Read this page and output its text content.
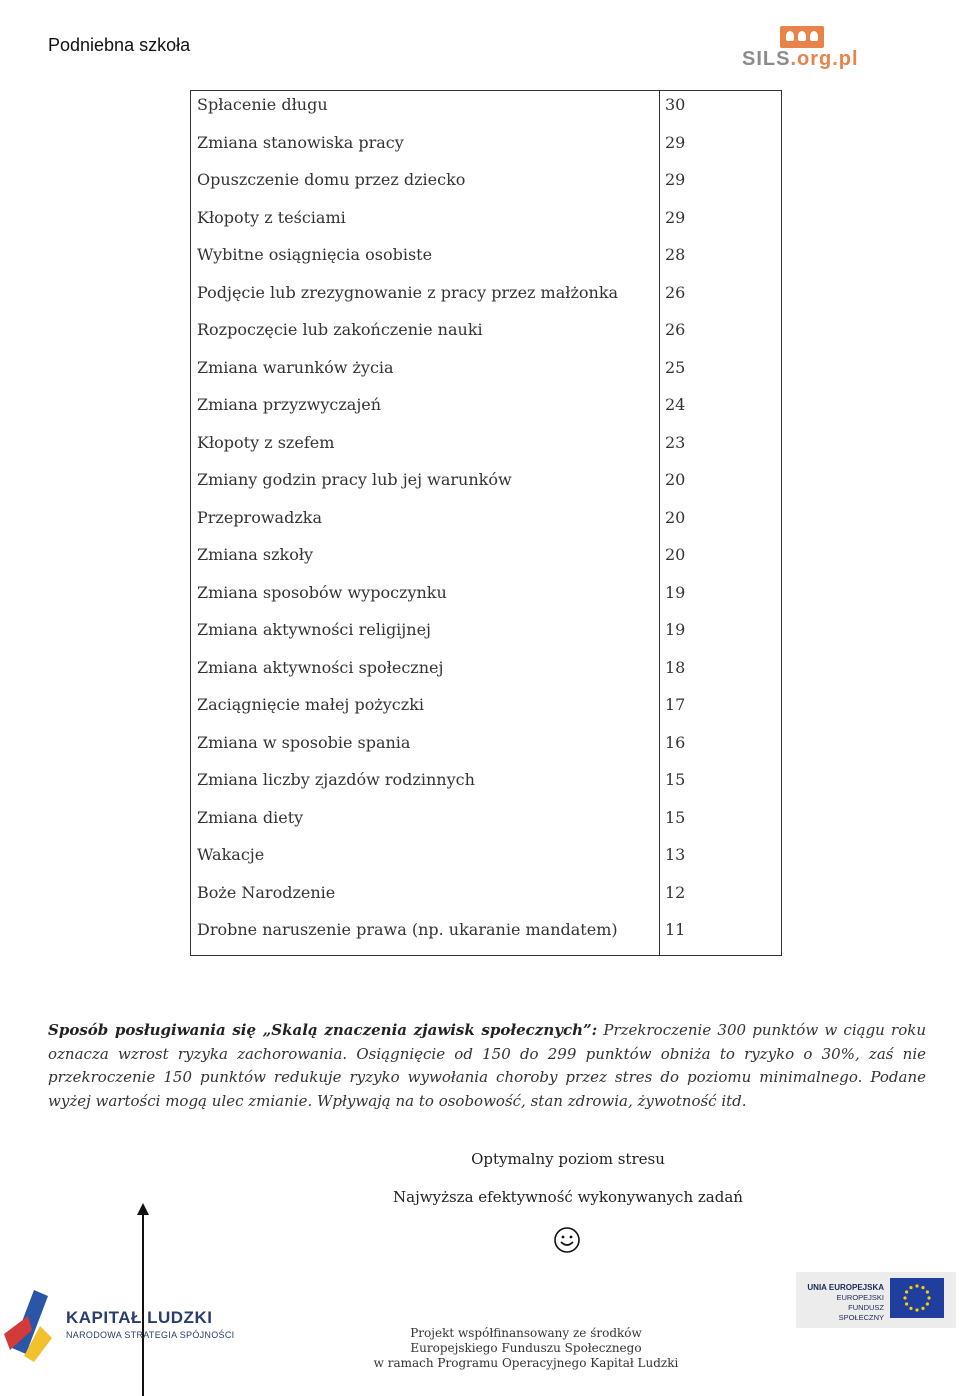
Podniebna szkoła
SILS.org.pl
Spłacenie długu	30
Zmiana stanowiska pracy	29
Opuszczenie domu przez dziecko	29
Kłopoty z teściami	29
Wybitne osiągnięcia osobiste	28
Podjęcie lub zrezygnowanie z pracy przez małżonka	26
Rozpoczęcie lub zakończenie nauki	26
Zmiana warunków życia	25
Zmiana przyzwyczajeń	24
Kłopoty z szefem	23
Zmiany godzin pracy lub jej warunków	20
Przeprowadzka	20
Zmiana szkoły	20
Zmiana sposobów wypoczynku	19
Zmiana aktywności religijnej	19
Zmiana aktywności społecznej	18
Zaciągnięcie małej pożyczki	17
Zmiana w sposobie spania	16
Zmiana liczby zjazdów rodzinnych	15
Zmiana diety	15
Wakacje	13
Boże Narodzenie	12
Drobne naruszenie prawa (np. ukaranie mandatem)	11
Sposób posługiwania się „Skalą znaczenia zjawisk społecznych”: Przekroczenie 300 punktów w ciągu roku oznacza wzrost ryzyka zachorowania. Osiągnięcie od 150 do 299 punktów obniża to ryzyko o 30%, zaś nie przekroczenie 150 punktów redukuje ryzyko wywołania choroby przez stres do poziomu minimalnego. Podane wyżej wartości mogą ulec zmianie. Wpływają na to osobowość, stan zdrowia, żywotność itd.
Optymalny poziom stresu
Najwyższa efektywność wykonywanych zadań
KAPITAŁ LUDZKI
NARODOWA STRATEGIA SPÓJNOŚCI	Projekt współfinansowany ze środków
Europejskiego Funduszu Społecznego
w ramach Programu Operacyjnego Kapitał Ludzki
UNIA EUROPEJSKA
EUROPEJSKI
FUNDUSZ SPOŁECZNY
